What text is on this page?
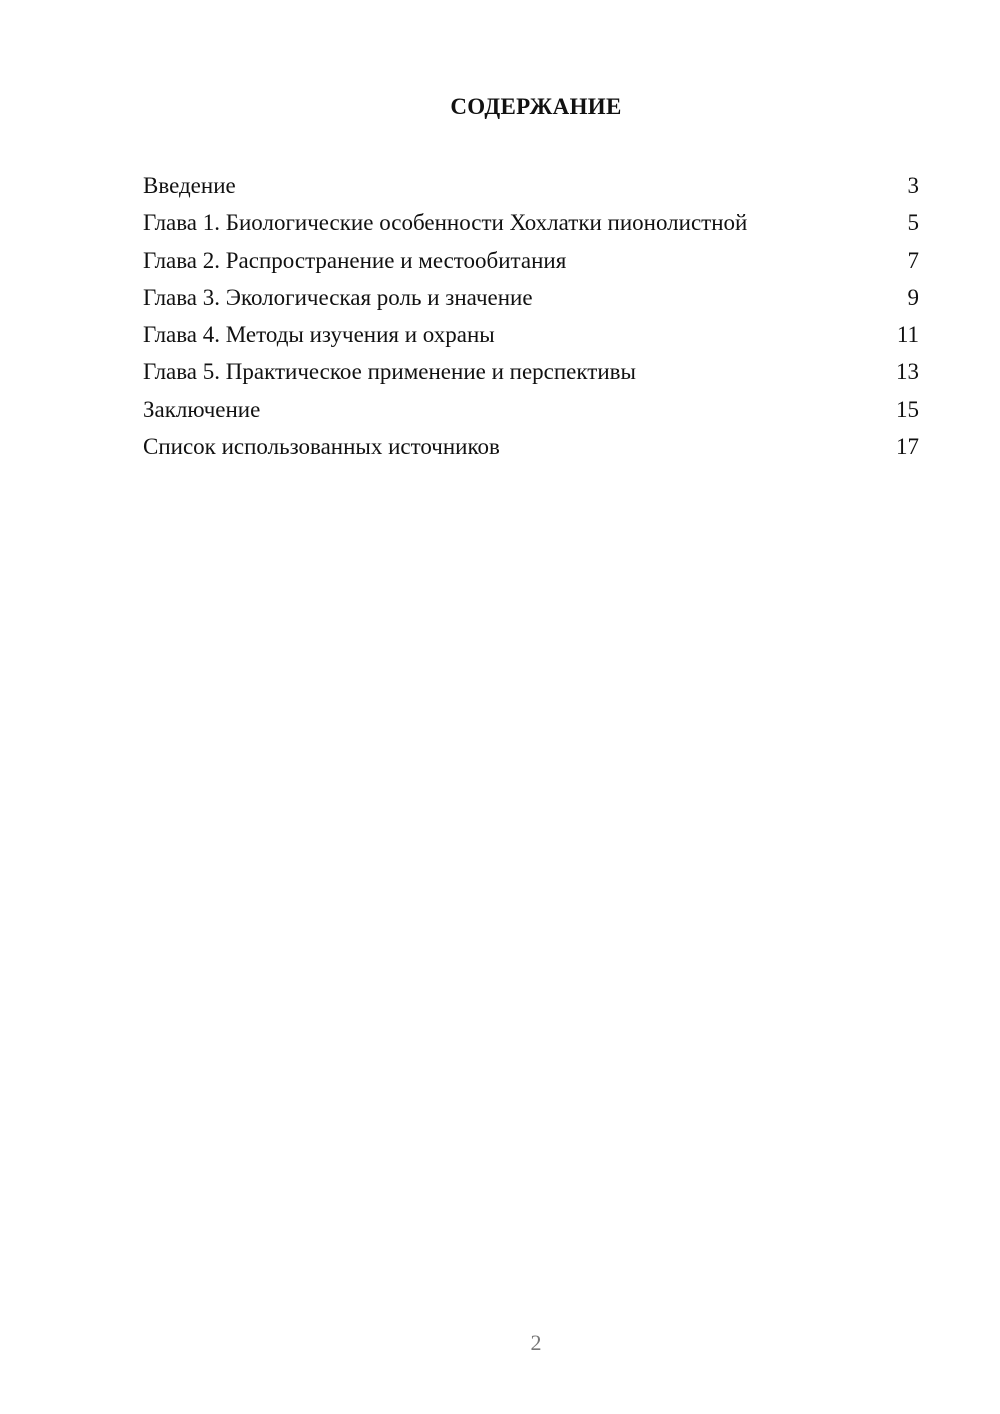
СОДЕРЖАНИЕ
Введение	3
Глава 1. Биологические особенности Хохлатки пионолистной	5
Глава 2. Распространение и местообитания	7
Глава 3. Экологическая роль и значение	9
Глава 4. Методы изучения и охраны	11
Глава 5. Практическое применение и перспективы	13
Заключение	15
Список использованных источников	17
2
